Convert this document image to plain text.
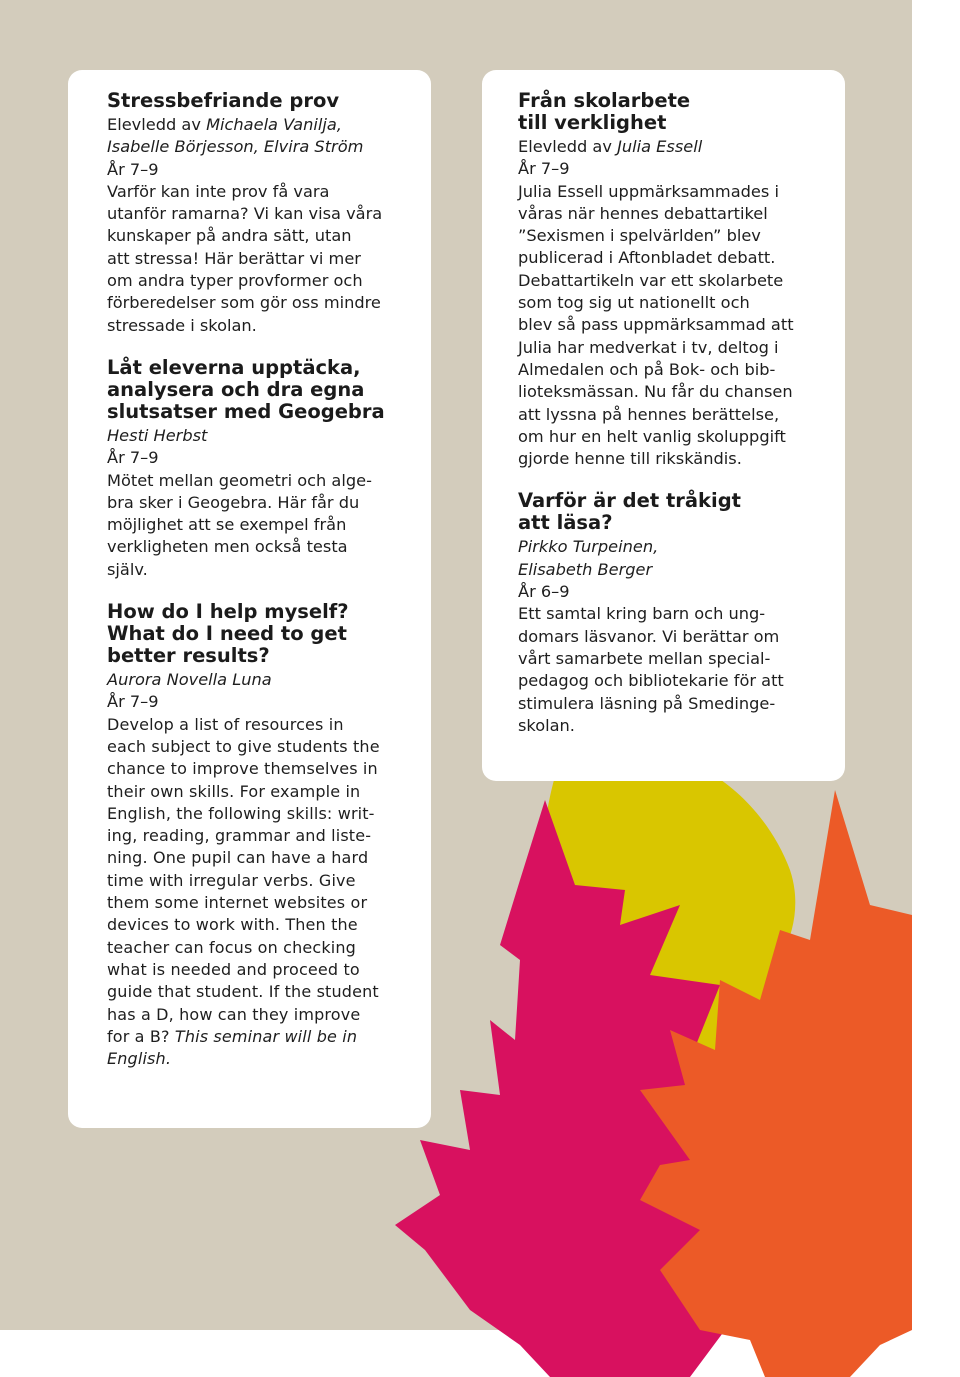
Stressbefriande prov
Elevledd av Michaela Vanilja,
Isabelle Börjesson, Elvira Ström
År 7–9
Varför kan inte prov få vara
utanför ramarna? Vi kan visa våra
kunskaper på andra sätt, utan
att stressa! Här berättar vi mer
om andra typer provformer och
förberedelser som gör oss mindre
stressade i skolan.
Låt eleverna upptäcka,
analysera och dra egna
slutsatser med Geogebra
Hesti Herbst
År 7–9
Mötet mellan geometri och alge-
bra sker i Geogebra. Här får du
möjlighet att se exempel från
verkligheten men också testa
själv.
How do I help myself?
What do I need to get
better results?
Aurora Novella Luna
År 7–9
Develop a list of resources in
each subject to give students the
chance to improve themselves in
their own skills. For example in
English, the following skills: writ-
ing, reading, grammar and liste-
ning. One pupil can have a hard
time with irregular verbs. Give
them some internet websites or
devices to work with. Then the
teacher can focus on checking
what is needed and proceed to
guide that student. If the student
has a D, how can they improve
for a B? This seminar will be in
English.
Från skolarbete
till verklighet
Elevledd av Julia Essell
År 7–9
Julia Essell uppmärksammades i
våras när hennes debattartikel
”Sexismen i spelvärlden” blev
publicerad i Aftonbladet debatt.
Debattartikeln var ett skolarbete
som tog sig ut nationellt och
blev så pass uppmärksammad att
Julia har medverkat i tv, deltog i
Almedalen och på Bok- och bib-
lioteksmässan. Nu får du chansen
att lyssna på hennes berättelse,
om hur en helt vanlig skoluppgift
gjorde henne till rikskändis.
Varför är det tråkigt
att läsa?
Pirkko Turpeinen,
Elisabeth Berger
År 6–9
Ett samtal kring barn och ung-
domars läsvanor. Vi berättar om
vårt samarbete mellan special-
pedagog och bibliotekarie för att
stimulera läsning på Smedinge-
skolan.
